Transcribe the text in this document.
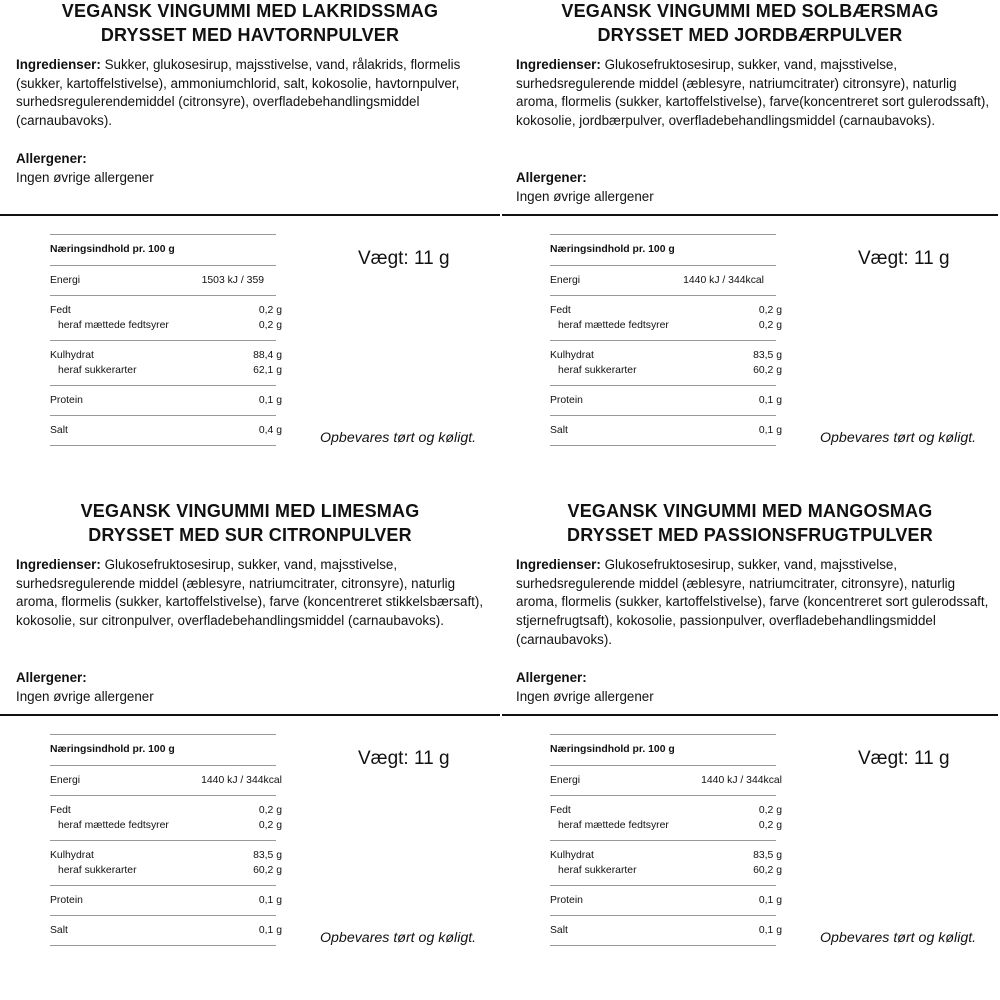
VEGANSK VINGUMMI MED LAKRIDSSMAG
DRYSSET MED HAVTORNPULVER
Ingredienser: Sukker, glukosesirup, majsstivelse, vand, rålakrids, flormelis (sukker, kartoffelstivelse), ammoniumchlorid, salt, kokosolie, havtornpulver, surhedsregulerendemiddel (citronsyre), overfladebehandlingsmiddel (carnaubavoks).
Allergener:
Ingen øvrige allergener
Næringsindhold pr. 100 g
Energi	1503 kJ / 359
Fedt	0,2 g
heraf mættede fedtsyrer	0,2 g
Kulhydrat	88,4 g
heraf sukkerarter	62,1 g
Protein	0,1 g
Salt	0,4 g
Vægt: 11 g
Opbevares tørt og køligt.
VEGANSK VINGUMMI MED SOLBÆRSMAG
DRYSSET MED JORDBÆRPULVER
Ingredienser: Glukosefruktosesirup, sukker, vand, majsstivelse, surhedsregulerende middel (æblesyre, natriumcitrater) citronsyre), naturlig aroma, flormelis (sukker, kartoffelstivelse), farve(koncentreret sort gulerodssaft), kokosolie, jordbærpulver, overfladebehandlingsmiddel (carnaubavoks).
Allergener:
Ingen øvrige allergener
Næringsindhold pr. 100 g
Energi	1440 kJ / 344kcal
Fedt	0,2 g
heraf mættede fedtsyrer	0,2 g
Kulhydrat	83,5 g
heraf sukkerarter	60,2 g
Protein	0,1 g
Salt	0,1 g
Vægt: 11 g
Opbevares tørt og køligt.
VEGANSK VINGUMMI MED LIMESMAG
DRYSSET MED SUR CITRONPULVER
Ingredienser: Glukosefruktosesirup, sukker, vand, majsstivelse, surhedsregulerende middel (æblesyre, natriumcitrater, citronsyre), naturlig aroma, flormelis (sukker, kartoffelstivelse), farve (koncentreret stikkelsbærsaft), kokosolie, sur citronpulver, overfladebehandlingsmiddel (carnaubavoks).
Allergener:
Ingen øvrige allergener
Næringsindhold pr. 100 g
Energi	1440 kJ / 344kcal
Fedt	0,2 g
heraf mættede fedtsyrer	0,2 g
Kulhydrat	83,5 g
heraf sukkerarter	60,2 g
Protein	0,1 g
Salt	0,1 g
Vægt: 11 g
Opbevares tørt og køligt.
VEGANSK VINGUMMI MED MANGOSMAG
DRYSSET MED PASSIONSFRUGTPULVER
Ingredienser: Glukosefruktosesirup, sukker, vand, majsstivelse, surhedsregulerende middel (æblesyre, natriumcitrater, citronsyre), naturlig aroma, flormelis (sukker, kartoffelstivelse), farve (koncentreret sort gulerodssaft, stjernefrugtsaft), kokosolie, passionpulver, overfladebehandlingsmiddel (carnaubavoks).
Allergener:
Ingen øvrige allergener
Næringsindhold pr. 100 g
Energi	1440 kJ / 344kcal
Fedt	0,2 g
heraf mættede fedtsyrer	0,2 g
Kulhydrat	83,5 g
heraf sukkerarter	60,2 g
Protein	0,1 g
Salt	0,1 g
Vægt: 11 g
Opbevares tørt og køligt.
